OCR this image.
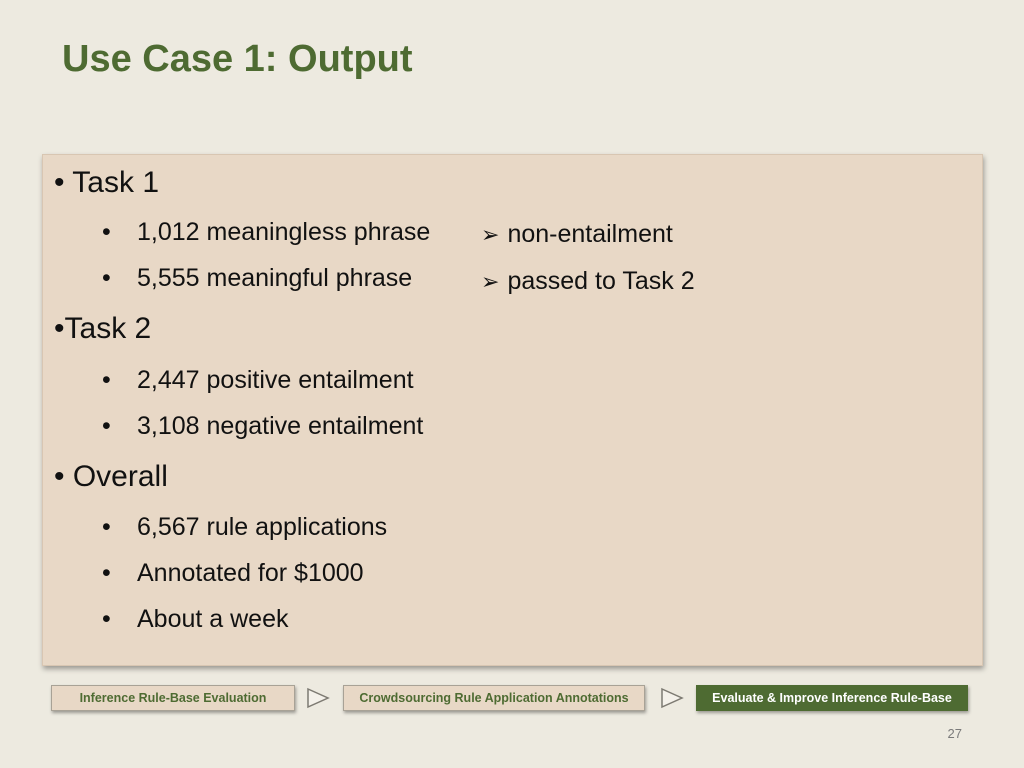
Use Case 1: Output
• Task 1
• 1,012 meaningless phrase ➢ non-entailment
• 5,555 meaningful phrase	➢ passed to Task 2
•Task 2
• 2,447 positive entailment
• 3,108 negative entailment
• Overall
• 6,567 rule applications
• Annotated for $1000
• About a week
Inference Rule-Base Evaluation	Crowdsourcing Rule Application Annotations	Evaluate & Improve Inference Rule-Base
27
